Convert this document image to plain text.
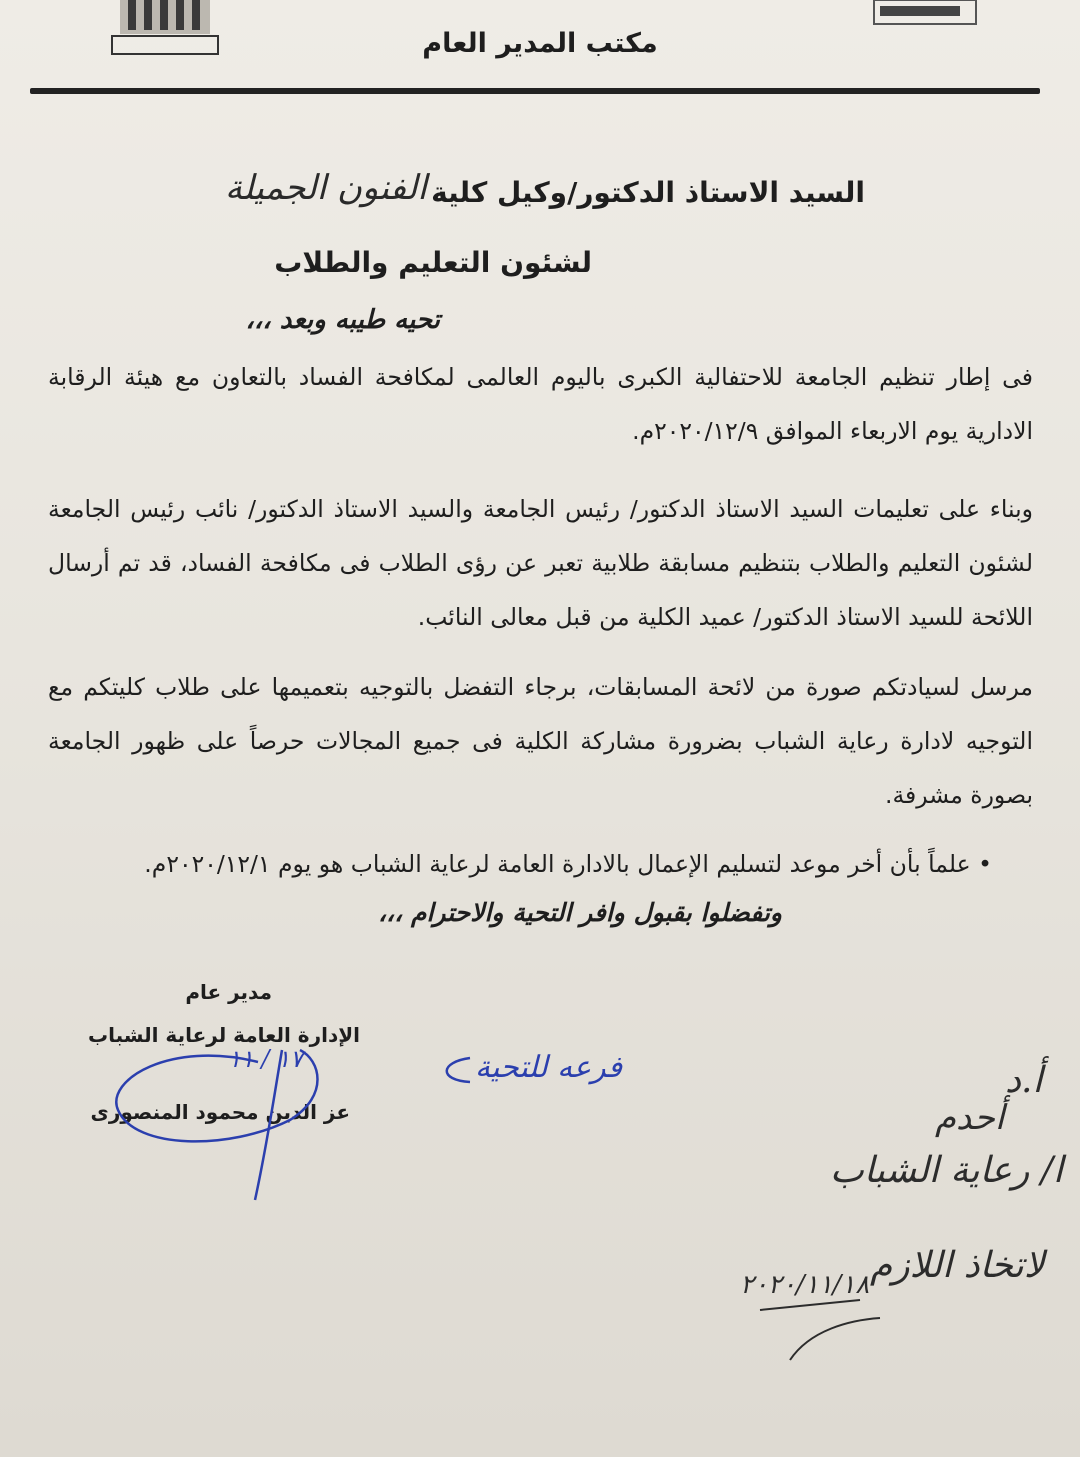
مكتب المدير العام
السيد الاستاذ الدكتور/وكيل كلية
الفنون الجميلة
لشئون التعليم والطلاب
تحيه طيبه وبعد ،،،
فى إطار تنظيم الجامعة للاحتفالية الكبرى باليوم العالمى لمكافحة الفساد بالتعاون مع هيئة الرقابة الادارية يوم الاربعاء الموافق ٢٠٢٠/١٢/٩م.
وبناء على تعليمات السيد الاستاذ الدكتور/ رئيس الجامعة والسيد الاستاذ الدكتور/ نائب رئيس الجامعة لشئون التعليم والطلاب بتنظيم مسابقة طلابية تعبر عن رؤى الطلاب فى مكافحة الفساد، قد تم أرسال اللائحة للسيد الاستاذ الدكتور/ عميد الكلية من قبل معالى النائب.
مرسل لسيادتكم صورة من لائحة المسابقات، برجاء التفضل بالتوجيه بتعميمها على طلاب كليتكم مع التوجيه لادارة رعاية الشباب بضرورة مشاركة الكلية فى جميع المجالات حرصاً على ظهور الجامعة بصورة مشرفة.
• علماً بأن أخر موعد لتسليم الإعمال بالادارة العامة لرعاية الشباب هو يوم ٢٠٢٠/١٢/١م.
وتفضلوا بقبول وافر التحية والاحترام ،،،
مدير عام
الإدارة العامة لرعاية الشباب
عز الدين محمود المنصورى
١٧ / ١١	فرعه للتحية	أ.د
أحدم
ا/ رعاية الشباب
لاتخاذ اللازم
٢٠٢٠/١١/١٨
